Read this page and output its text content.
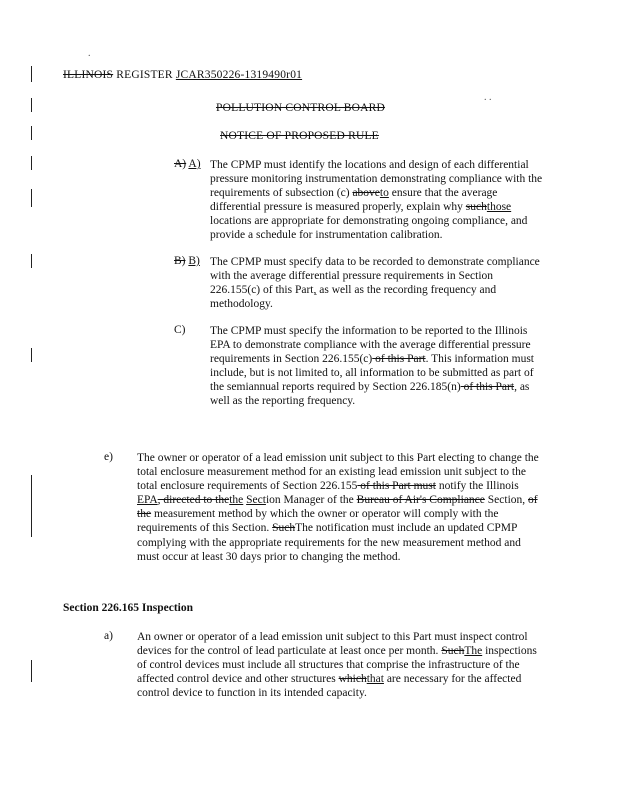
.
. .
ILLINOIS REGISTER JCAR350226-1319490r01
POLLUTION CONTROL BOARD
NOTICE OF PROPOSED RULE
A) A) The CPMP must identify the locations and design of each differential pressure monitoring instrumentation demonstrating compliance with the requirements of subsection (c) aboveto ensure that the average differential pressure is measured properly, explain why suchthose locations are appropriate for demonstrating ongoing compliance, and provide a schedule for instrumentation calibration.

B) B) The CPMP must specify data to be recorded to demonstrate compliance with the average differential pressure requirements in Section 226.155(c) of this Part, as well as the recording frequency and methodology.

C) The CPMP must specify the information to be reported to the Illinois EPA to demonstrate compliance with the average differential pressure requirements in Section 226.155(c) of this Part. This information must include, but is not limited to, all information to be submitted as part of the semiannual reports required by Section 226.185(n) of this Part, as well as the reporting frequency.

e) The owner or operator of a lead emission unit subject to this Part electing to change the total enclosure measurement method for an existing lead emission unit subject to the total enclosure requirements of Section 226.155 of this Part must notify the Illinois EPA, directed to thethe Section Manager of the Bureau of Air's Compliance Section, of the measurement method by which the owner or operator will comply with the requirements of this Section. SuchThe notification must include an updated CPMP complying with the appropriate requirements for the new measurement method and must occur at least 30 days prior to changing the method.

Section 226.165 Inspection
a) An owner or operator of a lead emission unit subject to this Part must inspect control devices for the control of lead particulate at least once per month. SuchThe inspections of control devices must include all structures that comprise the infrastructure of the affected control device and other structures whichthat are necessary for the affected control device to function in its intended capacity.
